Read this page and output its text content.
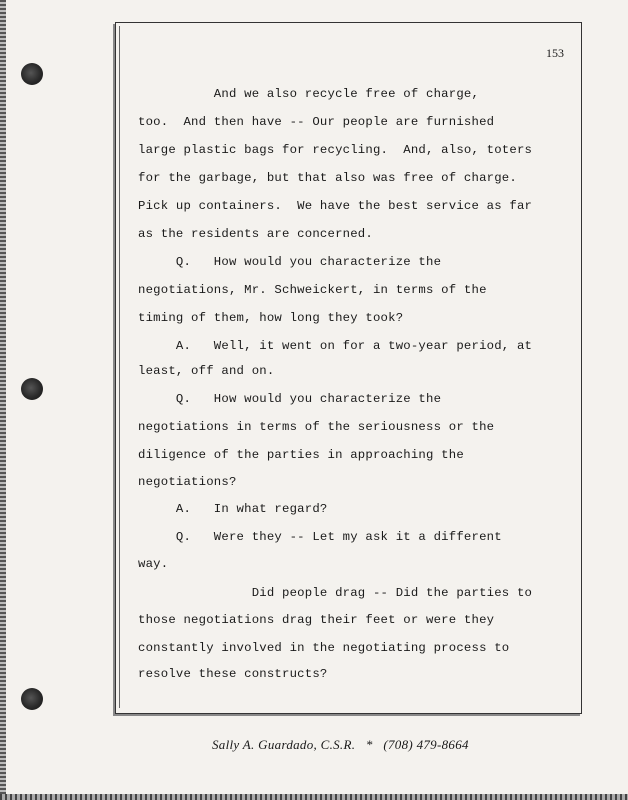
153
And we also recycle free of charge,
too.  And then have -- Our people are furnished
large plastic bags for recycling.  And, also, toters
for the garbage, but that also was free of charge.
Pick up containers.  We have the best service as far
as the residents are concerned.
Q.   How would you characterize the
negotiations, Mr. Schweickert, in terms of the
timing of them, how long they took?
A.   Well, it went on for a two-year period, at
least, off and on.
Q.   How would you characterize the
negotiations in terms of the seriousness or the
diligence of the parties in approaching the
negotiations?
A.   In what regard?
Q.   Were they -- Let my ask it a different
way.
Did people drag -- Did the parties to
those negotiations drag their feet or were they
constantly involved in the negotiating process to
resolve these constructs?
Sally A. Guardado, C.S.R.   *   (708) 479-8664
